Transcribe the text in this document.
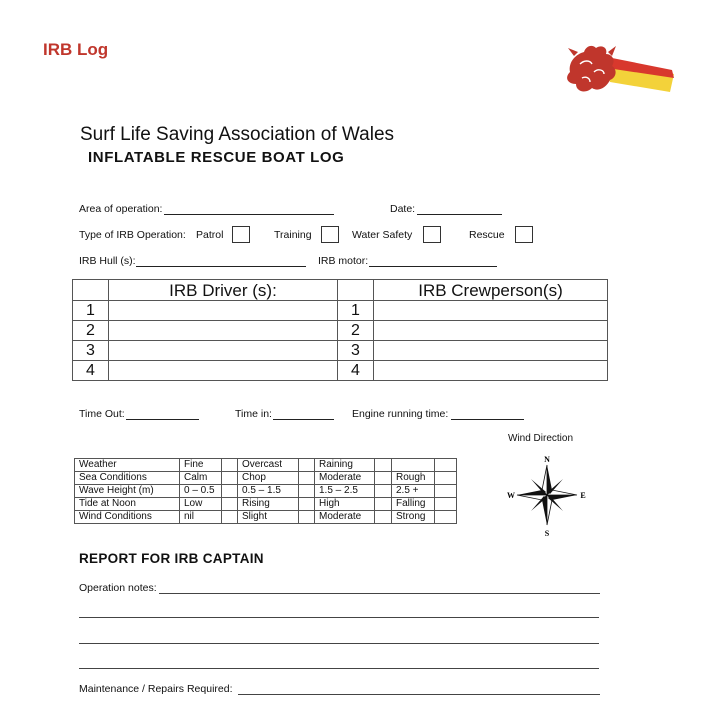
IRB Log
Surf Life Saving Association of Wales
INFLATABLE RESCUE BOAT LOG
Area of operation:	Date:
Type of IRB Operation: Patrol	Training	Water Safety	Rescue
IRB Hull (s):	IRB motor:
	IRB Driver (s):		IRB Crewperson(s)
1		1	
2		2	
3		3	
4		4	
Time Out:	Time in:	Engine running time:
Weather	Fine		Overcast		Raining			
Sea Conditions	Calm		Chop		Moderate		Rough	
Wave Height (m)	0 – 0.5		0.5 – 1.5		1.5 – 2.5		2.5 +	
Tide at Noon	Low		Rising		High		Falling	
Wind Conditions	nil		Slight		Moderate		Strong	
Wind Direction
N
E
S
W
REPORT FOR IRB CAPTAIN
Operation notes:
Maintenance / Repairs Required:
